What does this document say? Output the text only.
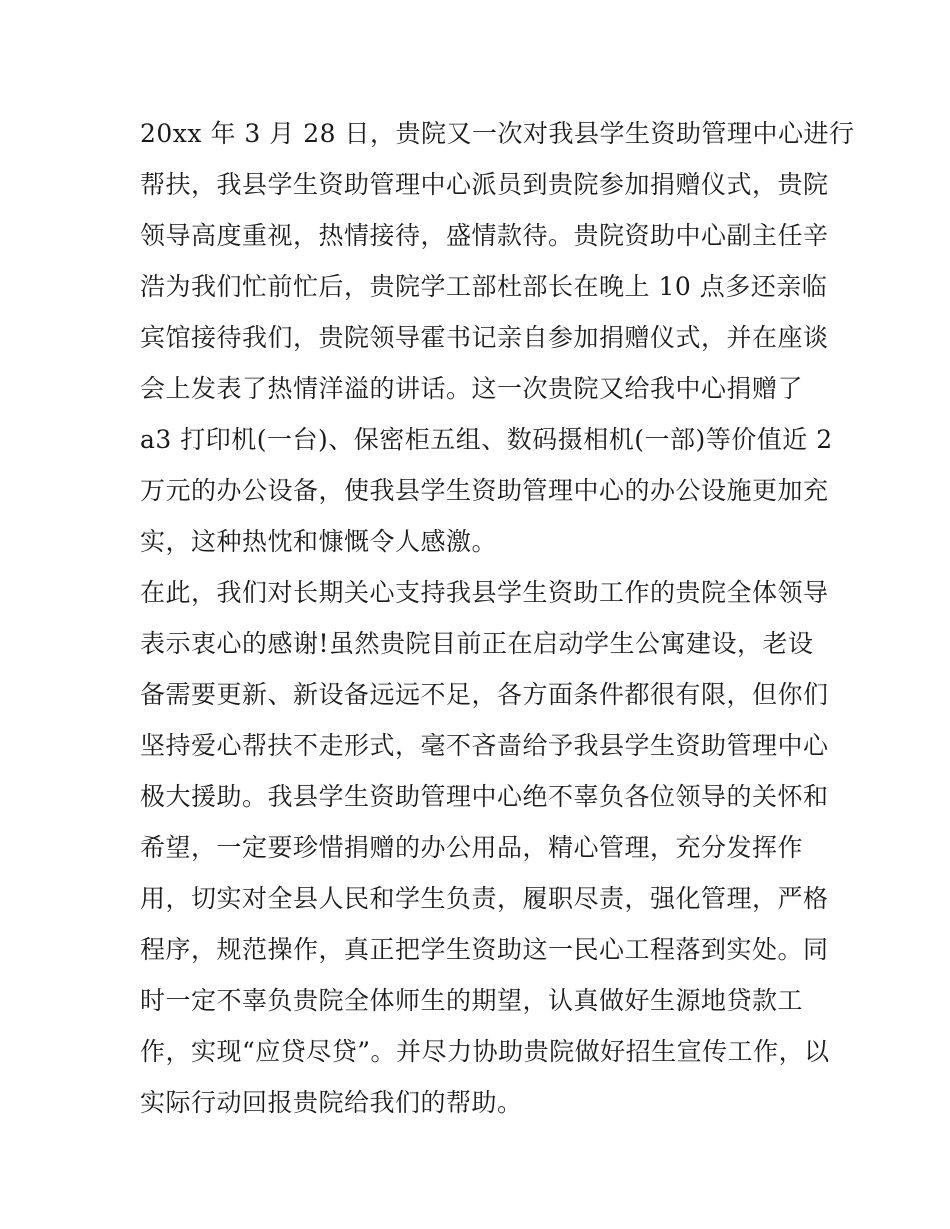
20xx 年 3 月 28 日，贵院又一次对我县学生资助管理中心进行
帮扶，我县学生资助管理中心派员到贵院参加捐赠仪式，贵院
领导高度重视，热情接待，盛情款待。贵院资助中心副主任辛
浩为我们忙前忙后，贵院学工部杜部长在晚上 10 点多还亲临
宾馆接待我们，贵院领导霍书记亲自参加捐赠仪式，并在座谈
会上发表了热情洋溢的讲话。这一次贵院又给我中心捐赠了
a3 打印机(一台)、保密柜五组、数码摄相机(一部)等价值近 2
万元的办公设备，使我县学生资助管理中心的办公设施更加充
实，这种热忱和慷慨令人感激。
在此，我们对长期关心支持我县学生资助工作的贵院全体领导
表示衷心的感谢!虽然贵院目前正在启动学生公寓建设，老设
备需要更新、新设备远远不足，各方面条件都很有限，但你们
坚持爱心帮扶不走形式，毫不吝啬给予我县学生资助管理中心
极大援助。我县学生资助管理中心绝不辜负各位领导的关怀和
希望，一定要珍惜捐赠的办公用品，精心管理，充分发挥作
用，切实对全县人民和学生负责，履职尽责，强化管理，严格
程序，规范操作，真正把学生资助这一民心工程落到实处。同
时一定不辜负贵院全体师生的期望，认真做好生源地贷款工
作，实现“应贷尽贷”。并尽力协助贵院做好招生宣传工作，以
实际行动回报贵院给我们的帮助。
